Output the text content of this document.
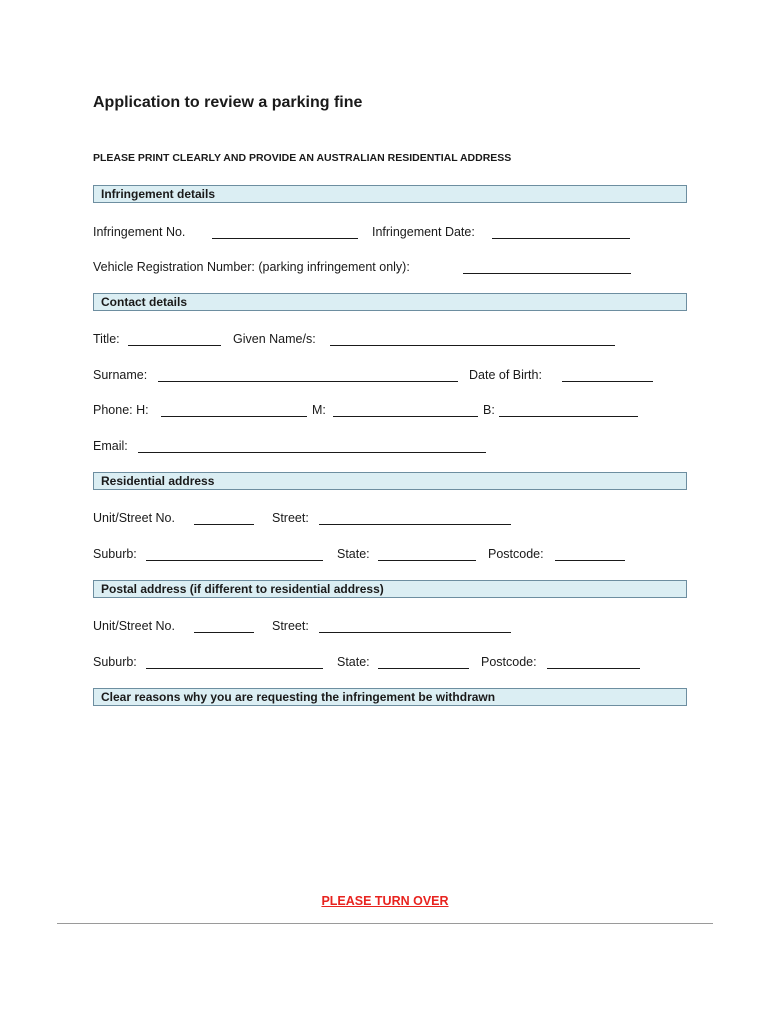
Application to review a parking fine
PLEASE PRINT CLEARLY AND PROVIDE AN AUSTRALIAN RESIDENTIAL ADDRESS
Infringement details
Infringement No.	Infringement Date:
Vehicle Registration Number: (parking infringement only):
Contact details
Title:	Given Name/s:
Surname:	Date of Birth:
Phone: H:	M:	B:
Email:
Residential address
Unit/Street No.	Street:
Suburb:	State:	Postcode:
Postal address (if different to residential address)
Unit/Street No.	Street:
Suburb:	State:	Postcode:
Clear reasons why you are requesting the infringement be withdrawn
PLEASE TURN OVER
